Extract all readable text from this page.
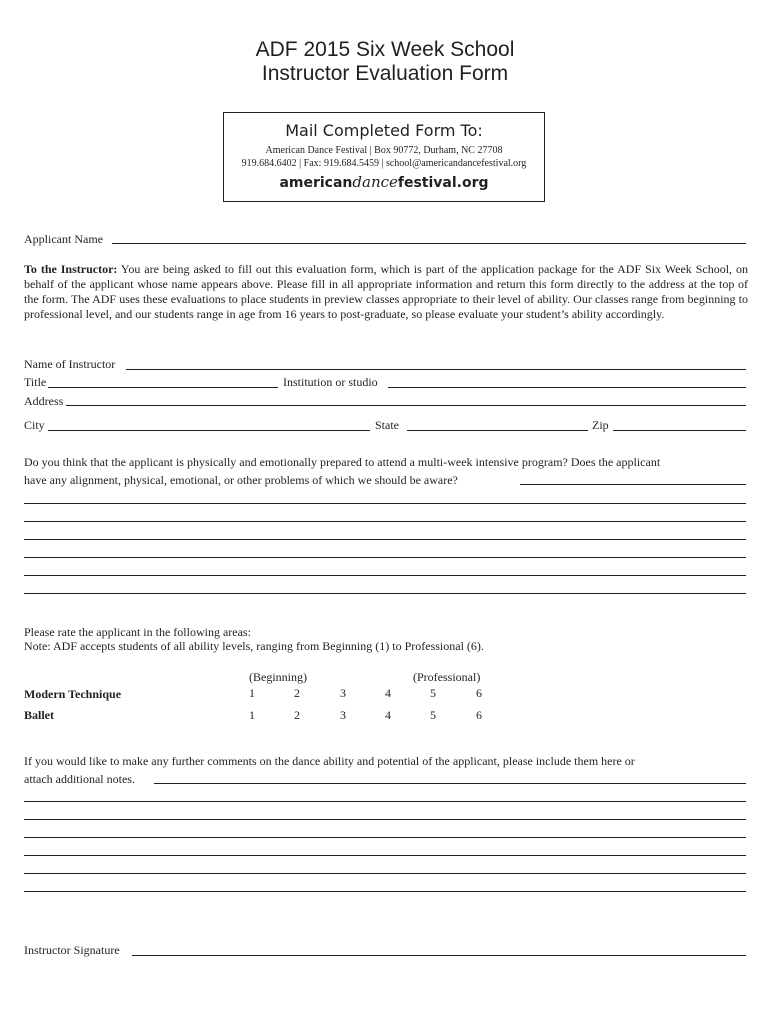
ADF 2015 Six Week School
Instructor Evaluation Form
Mail Completed Form To:
American Dance Festival | Box 90772, Durham, NC 27708
919.684.6402 | Fax: 919.684.5459 | school@americandancefestival.org
americandancefestival.org
Applicant Name
To the Instructor: You are being asked to fill out this evaluation form, which is part of the application package for the ADF Six Week School, on behalf of the applicant whose name appears above. Please fill in all appropriate information and return this form directly to the address at the top of the form. The ADF uses these evaluations to place students in preview classes appropriate to their level of ability. Our classes range from beginning to professional level, and our students range in age from 16 years to post-graduate, so please evaluate your student’s ability accordingly.
Name of Instructor
Title	Institution or studio
Address
City	State	Zip
Do you think that the applicant is physically and emotionally prepared to attend a multi-week intensive program? Does the applicant
have any alignment, physical, emotional, or other problems of which we should be aware?
Please rate the applicant in the following areas:
Note: ADF accepts students of all ability levels, ranging from Beginning (1) to Professional (6).
(Beginning)	(Professional)
Modern Technique	1	2	3	4	5	6
Ballet	1	2	3	4	5	6
If you would like to make any further comments on the dance ability and potential of the applicant, please include them here or
attach additional notes.
Instructor Signature
